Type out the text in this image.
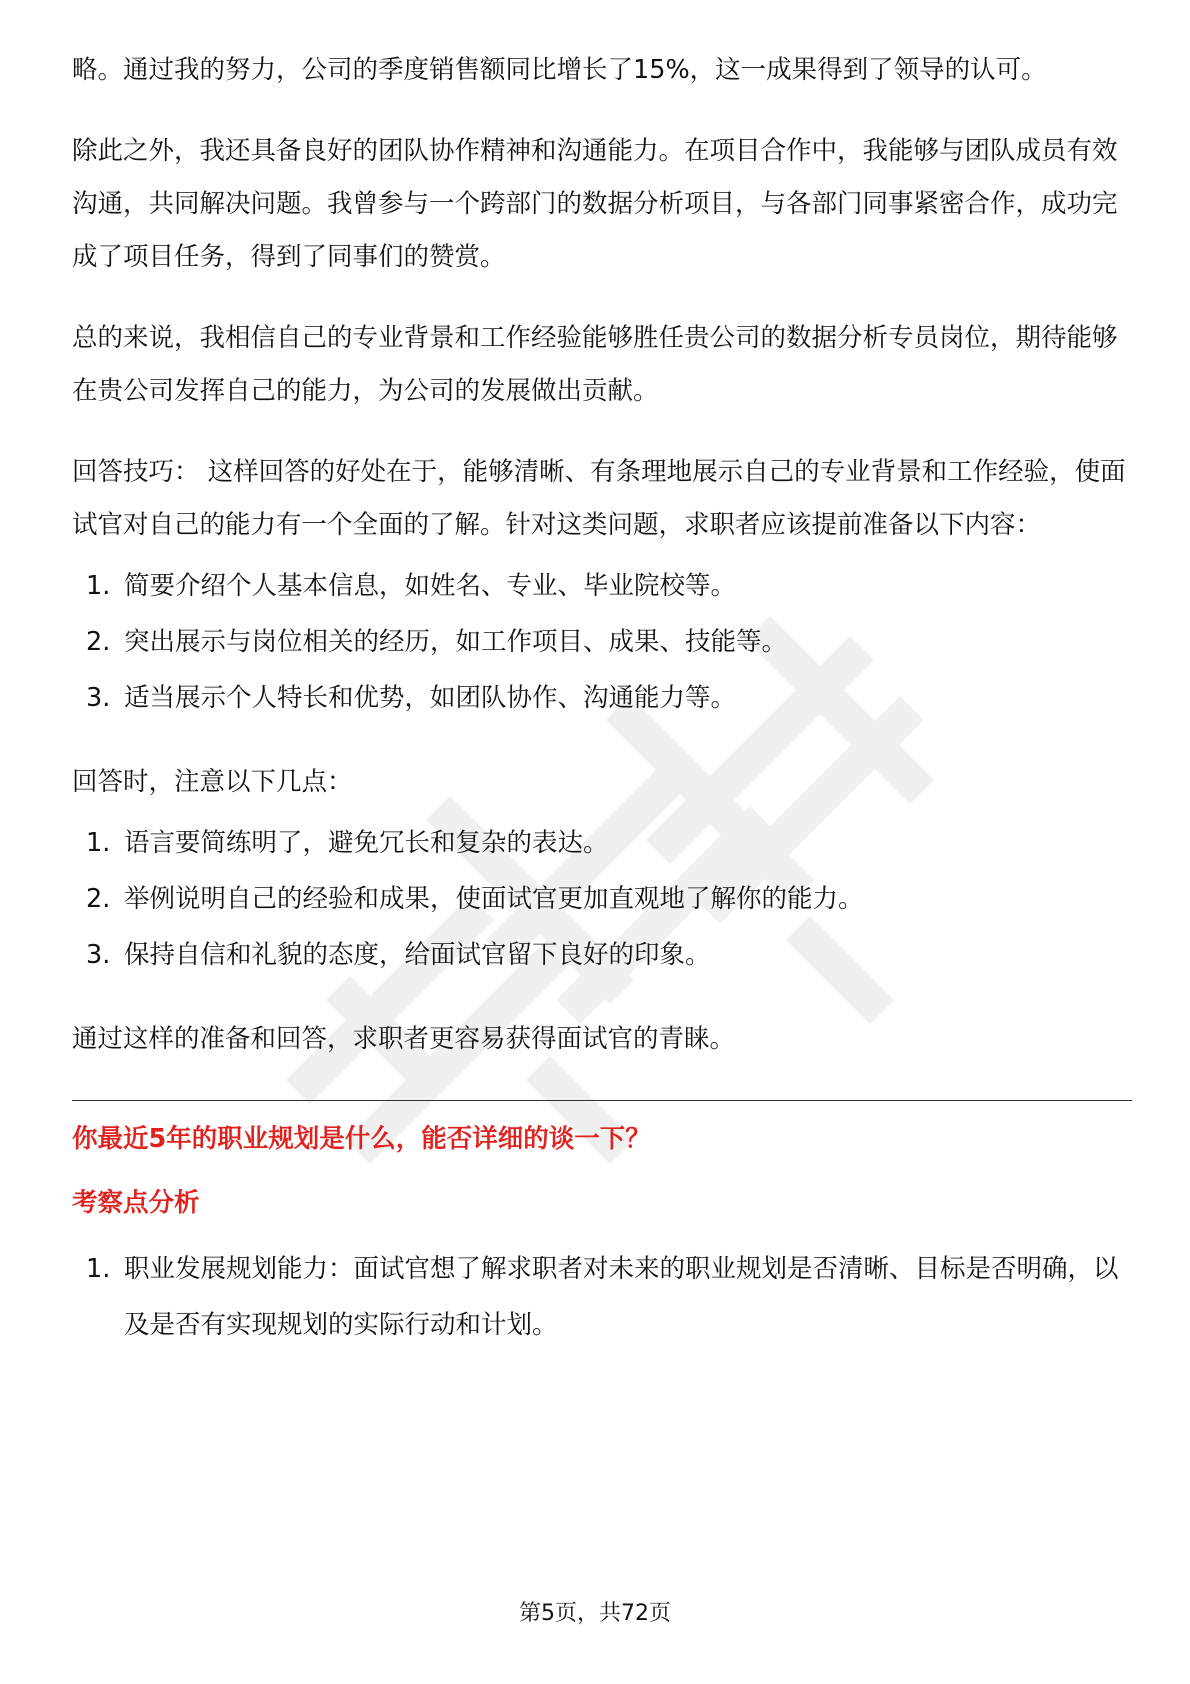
略。通过我的努力，公司的季度销售额同比增长了15%，这一成果得到了领导的认可。

除此之外，我还具备良好的团队协作精神和沟通能力。在项目合作中，我能够与团队成员有效沟通，共同解决问题。我曾参与一个跨部门的数据分析项目，与各部门同事紧密合作，成功完成了项目任务，得到了同事们的赞赏。

总的来说，我相信自己的专业背景和工作经验能够胜任贵公司的数据分析专员岗位，期待能够在贵公司发挥自己的能力，为公司的发展做出贡献。

回答技巧： 这样回答的好处在于，能够清晰、有条理地展示自己的专业背景和工作经验，使面试官对自己的能力有一个全面的了解。针对这类问题，求职者应该提前准备以下内容：

1. 简要介绍个人基本信息，如姓名、专业、毕业院校等。
2. 突出展示与岗位相关的经历，如工作项目、成果、技能等。
3. 适当展示个人特长和优势，如团队协作、沟通能力等。

回答时，注意以下几点：

1. 语言要简练明了，避免冗长和复杂的表达。
2. 举例说明自己的经验和成果，使面试官更加直观地了解你的能力。
3. 保持自信和礼貌的态度，给面试官留下良好的印象。

通过这样的准备和回答，求职者更容易获得面试官的青睐。

你最近5年的职业规划是什么，能否详细的谈一下？
考察点分析
1. 职业发展规划能力：面试官想了解求职者对未来的职业规划是否清晰、目标是否明确，以及是否有实现规划的实际行动和计划。
第5页，共72页
